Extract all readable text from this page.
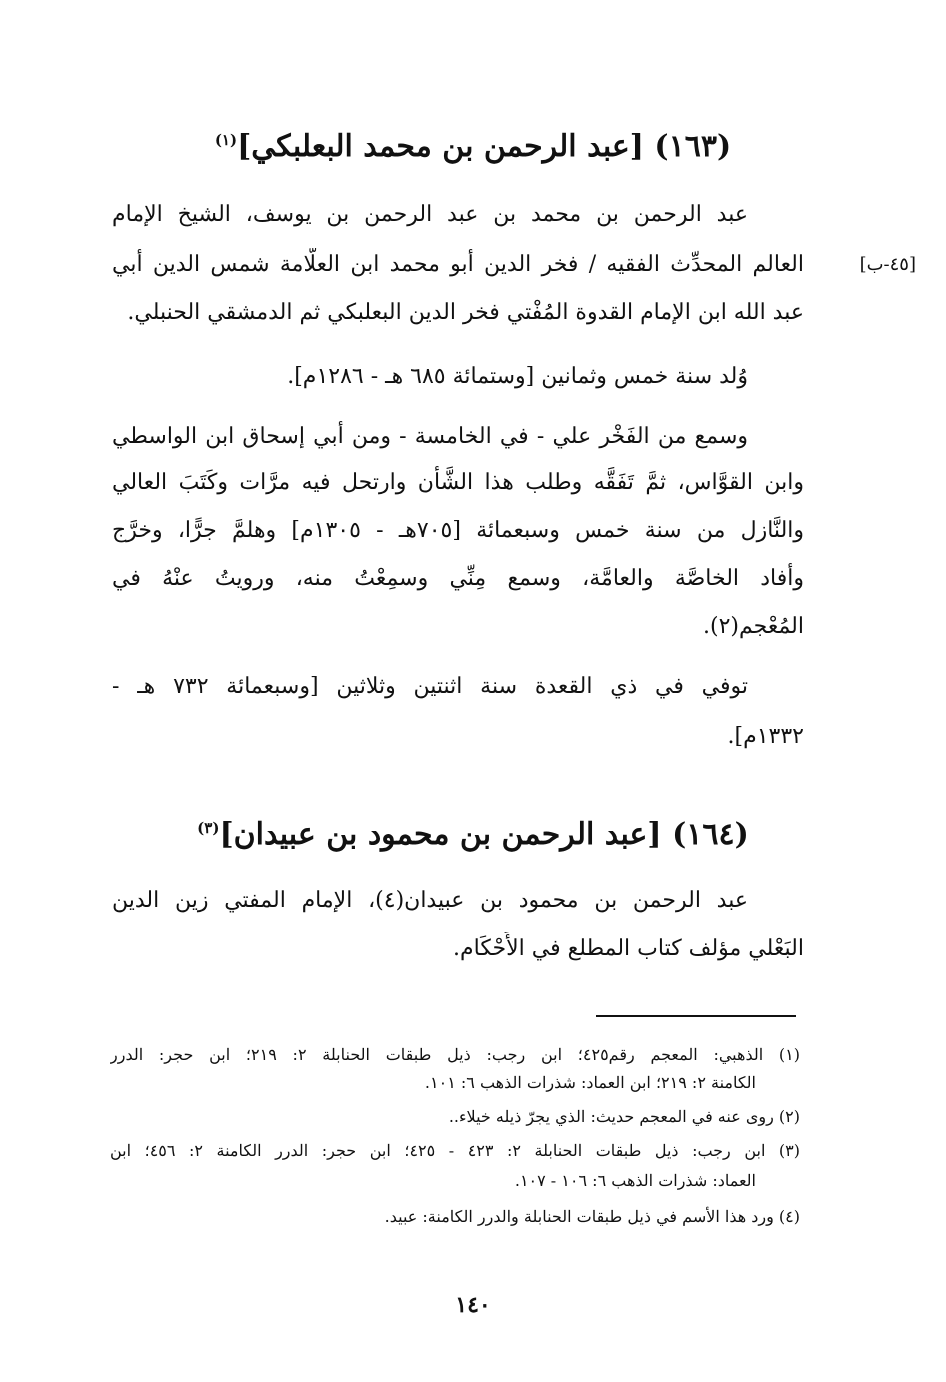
(١٦٣) [عبد الرحمن بن محمد البعلبكي]$^{(١)}$
عبد الرحمن بن محمد بن عبد الرحمن بن يوسف، الشيخ الإمام
[٤٥-ب]
العالم المحدِّث الفقيه / فخر الدين أبو محمد ابن العلّامة شمس الدين أبي
عبد الله ابن الإمام القدوة المُفْتي فخر الدين البعلبكي ثم الدمشقي الحنبلي.
وُلد سنة خمس وثمانين [وستمائة ٦٨٥ هـ - ١٢٨٦م].
وسمع من الفَخْر علي - في الخامسة - ومن أبي إسحاق ابن الواسطي
وابن القوَّاس، ثمَّ تَفَقَّه وطلب هذا الشَّأن وارتحل فيه مرَّات وكَتَبَ العالي
والنَّازل من سنة خمس وسبعمائة [٧٠٥هـ - ١٣٠٥م] وهلمَّ جرًّا، وخرَّج
وأفاد الخاصَّة والعامَّة، وسمع مِنِّي وسمِعْتُ منه، ورويتُ عنْهُ في
المُعْجم(٢).
توفي في ذي القعدة سنة اثنتين وثلاثين [وسبعمائة ٧٣٢ هـ -
١٣٣٢م].
(١٦٤) [عبد الرحمن بن محمود بن عبيدان]$^{(٣)}$
عبد الرحمن بن محمود بن عبيدان(٤)، الإمام المفتي زين الدين
البَعْلي مؤلف كتاب المطلع في الأَحْكَام.
(١) الذهبي: المعجم رقم٤٢٥؛ ابن رجب: ذيل طبقات الحنابلة ٢: ٢١٩؛ ابن حجر: الدرر
الكامنة ٢: ٢١٩؛ ابن العماد: شذرات الذهب ٦: ١٠١.
(٢) روى عنه في المعجم حديث: الذي يجرّ ذيله خيلاء..
(٣) ابن رجب: ذيل طبقات الحنابلة ٢: ٤٢٣ - ٤٢٥؛ ابن حجر: الدرر الكامنة ٢: ٤٥٦؛ ابن
العماد: شذرات الذهب ٦: ١٠٦ - ١٠٧.
(٤) ورد هذا الأسم في ذيل طبقات الحنابلة والدرر الكامنة: عبيد.
١٤٠
